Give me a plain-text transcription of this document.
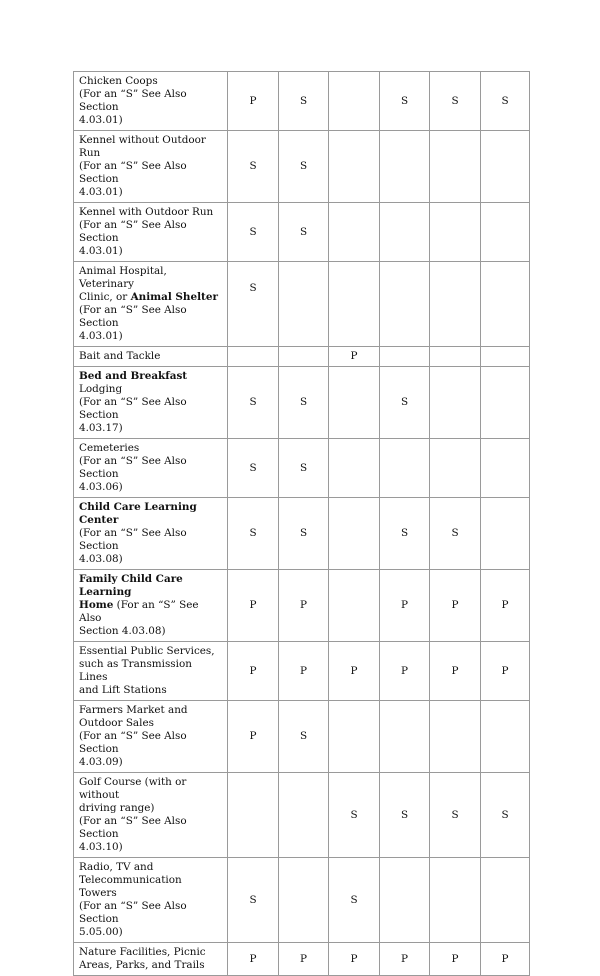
Chicken Coops
(For an “S” See Also Section
4.03.01)	P	S		S	S	S
Kennel without Outdoor Run
(For an “S” See Also Section
4.03.01)	S	S				
Kennel with Outdoor Run
(For an “S” See Also Section
4.03.01)	S	S				
Animal Hospital, Veterinary
Clinic, or Animal Shelter
(For an “S” See Also Section
4.03.01)	S					
Bait and Tackle			P			
Bed and Breakfast Lodging
(For an “S” See Also Section
4.03.17)	S	S		S		
Cemeteries
(For an “S” See Also Section
4.03.06)	S	S				
Child Care Learning Center
(For an “S” See Also Section
4.03.08)	S	S		S	S	
Family Child Care Learning
Home (For an “S” See Also
Section 4.03.08)	P	P		P	P	P
Essential Public Services,
such as Transmission Lines
and Lift Stations	P	P	P	P	P	P
Farmers Market and
Outdoor Sales
(For an “S” See Also Section
4.03.09)	P	S				
Golf Course (with or without
driving range)
(For an “S” See Also Section
4.03.10)			S	S	S	S
Radio, TV and
Telecommunication Towers
(For an “S” See Also Section
5.05.00)	S		S			
Nature Facilities, Picnic
Areas, Parks, and Trails	P	P	P	P	P	P
